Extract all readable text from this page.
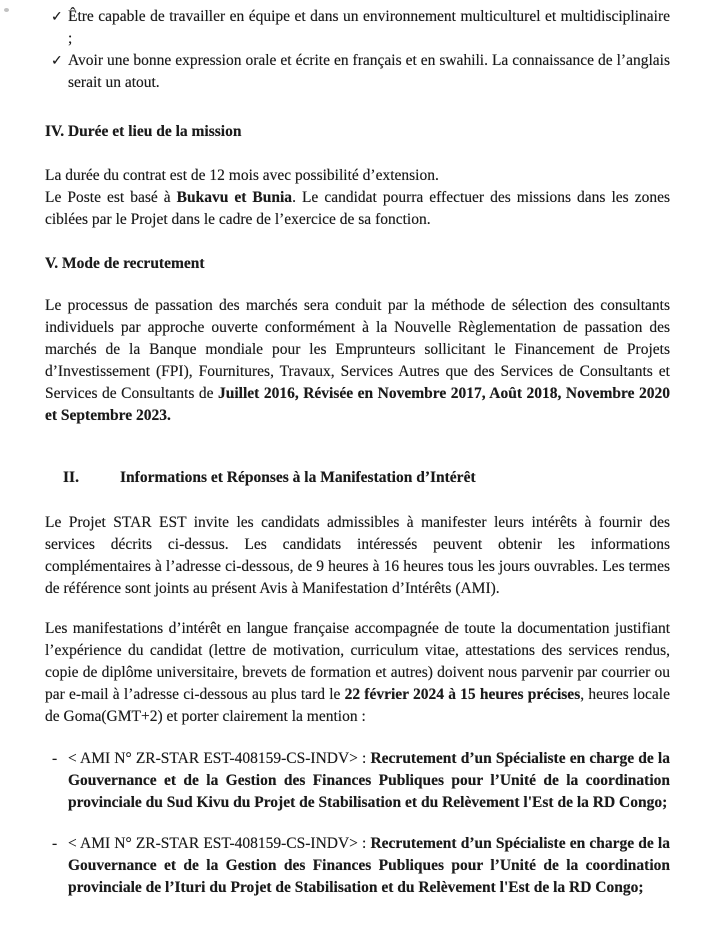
✓ Être capable de travailler en équipe et dans un environnement multiculturel et multidisciplinaire ;
✓ Avoir une bonne expression orale et écrite en français et en swahili. La connaissance de l’anglais serait un atout.
IV. Durée et lieu de la mission
La durée du contrat est de 12 mois avec possibilité d’extension.
Le Poste est basé à Bukavu et Bunia. Le candidat pourra effectuer des missions dans les zones ciblées par le Projet dans le cadre de l’exercice de sa fonction.
V. Mode de recrutement
Le processus de passation des marchés sera conduit par la méthode de sélection des consultants individuels par approche ouverte conformément à la Nouvelle Règlementation de passation des marchés de la Banque mondiale pour les Emprunteurs sollicitant le Financement de Projets d’Investissement (FPI), Fournitures, Travaux, Services Autres que des Services de Consultants et Services de Consultants de Juillet 2016, Révisée en Novembre 2017, Août 2018, Novembre 2020 et Septembre 2023.
II.	Informations et Réponses à la Manifestation d’Intérêt
Le Projet STAR EST invite les candidats admissibles à manifester leurs intérêts à fournir des services décrits ci-dessus. Les candidats intéressés peuvent obtenir les informations complémentaires à l’adresse ci-dessous, de 9 heures à 16 heures tous les jours ouvrables. Les termes de référence sont joints au présent Avis à Manifestation d’Intérêts (AMI).
Les manifestations d’intérêt en langue française accompagnée de toute la documentation justifiant l’expérience du candidat (lettre de motivation, curriculum vitae, attestations des services rendus, copie de diplôme universitaire, brevets de formation et autres) doivent nous parvenir par courrier ou par e-mail à l’adresse ci-dessous au plus tard le 22 février 2024 à 15 heures précises, heures locale de Goma(GMT+2) et porter clairement la mention :
- < AMI N° ZR-STAR EST-408159-CS-INDV> : Recrutement d’un Spécialiste en charge de la Gouvernance et de la Gestion des Finances Publiques pour l’Unité de la coordination provinciale du Sud Kivu du Projet de Stabilisation et du Relèvement l'Est de la RD Congo;
- < AMI N° ZR-STAR EST-408159-CS-INDV> : Recrutement d’un Spécialiste en charge de la Gouvernance et de la Gestion des Finances Publiques pour l’Unité de la coordination provinciale de l’Ituri du Projet de Stabilisation et du Relèvement l'Est de la RD Congo;
